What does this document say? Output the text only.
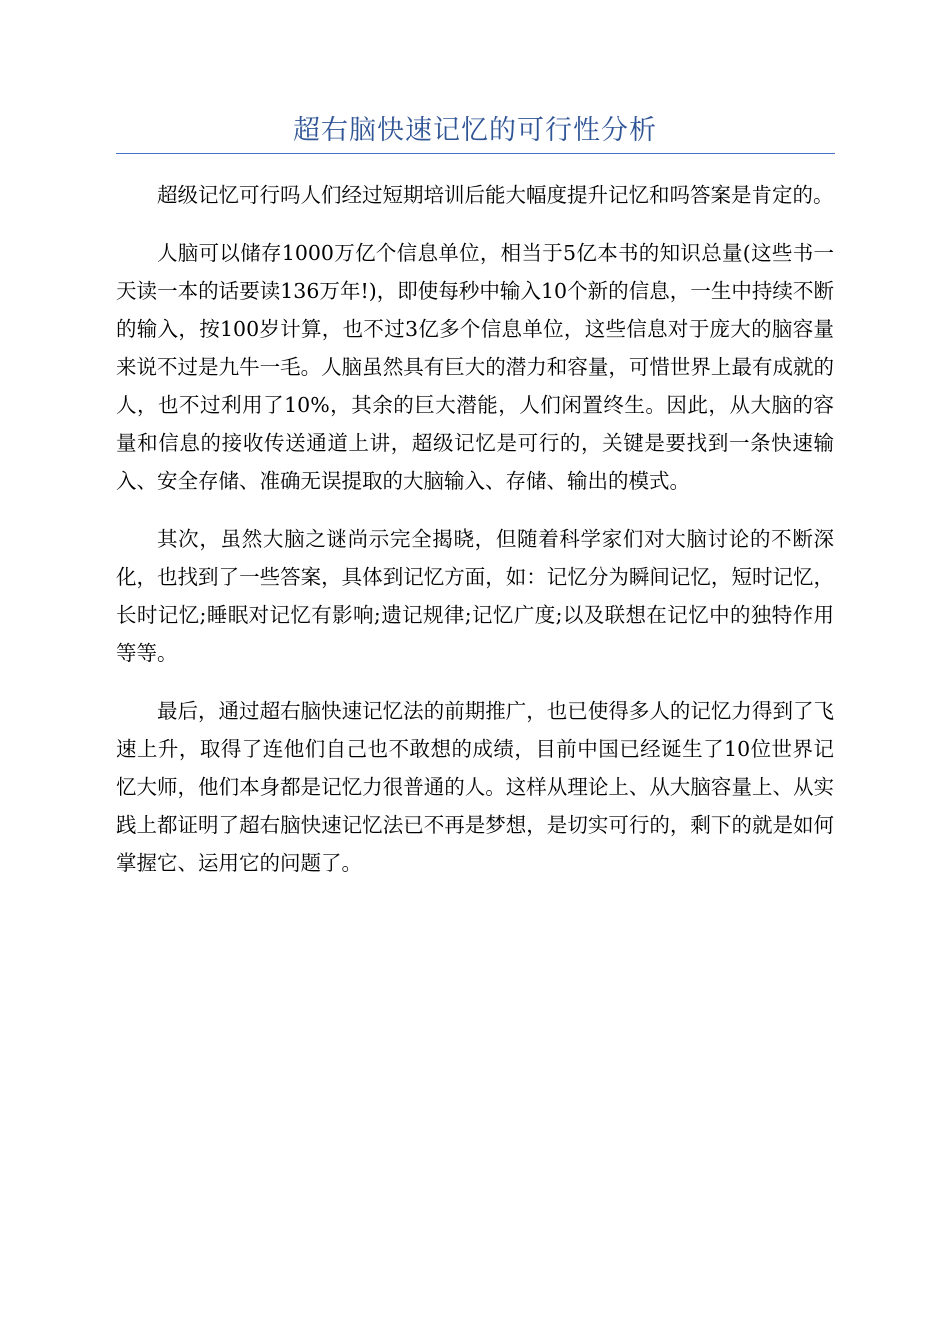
超右脑快速记忆的可行性分析

超级记忆可行吗人们经过短期培训后能大幅度提升记忆和吗答案是肯定的。

人脑可以储存1000万亿个信息单位，相当于5亿本书的知识总量(这些书一天读一本的话要读136万年!)，即使每秒中输入10个新的信息，一生中持续不断的输入，按100岁计算，也不过3亿多个信息单位，这些信息对于庞大的脑容量来说不过是九牛一毛。人脑虽然具有巨大的潜力和容量，可惜世界上最有成就的人，也不过利用了10%，其余的巨大潜能，人们闲置终生。因此，从大脑的容量和信息的接收传送通道上讲，超级记忆是可行的，关键是要找到一条快速输入、安全存储、准确无误提取的大脑输入、存储、输出的模式。

其次，虽然大脑之谜尚示完全揭晓，但随着科学家们对大脑讨论的不断深化，也找到了一些答案，具体到记忆方面，如：记忆分为瞬间记忆，短时记忆，长时记忆;睡眠对记忆有影响;遗记规律;记忆广度;以及联想在记忆中的独特作用等等。

最后，通过超右脑快速记忆法的前期推广，也已使得多人的记忆力得到了飞速上升，取得了连他们自己也不敢想的成绩，目前中国已经诞生了10位世界记忆大师，他们本身都是记忆力很普通的人。这样从理论上、从大脑容量上、从实践上都证明了超右脑快速记忆法已不再是梦想，是切实可行的，剩下的就是如何掌握它、运用它的问题了。
